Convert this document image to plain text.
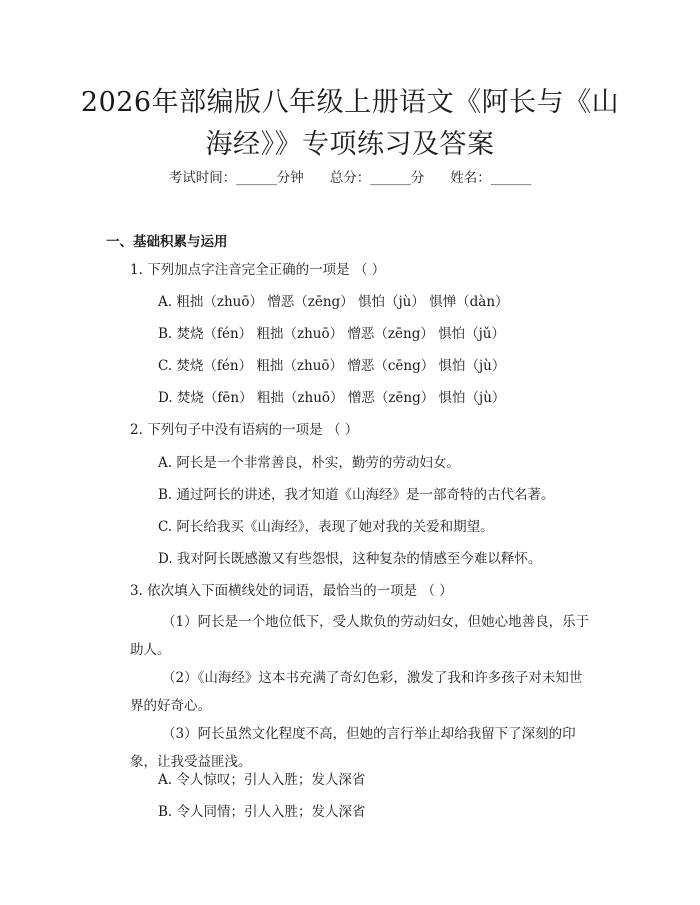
2026年部编版八年级上册语文《阿长与《山海经》》专项练习及答案
考试时间：______分钟 总分：______分 姓名：______
一、基础积累与运用
1. 下列加点字注音完全正确的一项是 （ ）
A. 粗拙（zhuō） 憎恶（zēng） 惧怕（jù） 惧惮（dàn）
B. 焚烧（fén） 粗拙（zhuō） 憎恶（zēng） 惧怕（jǔ）
C. 焚烧（fén） 粗拙（zhuō） 憎恶（cēng） 惧怕（jù）
D. 焚烧（fēn） 粗拙（zhuō） 憎恶（zēng） 惧怕（jù）
2. 下列句子中没有语病的一项是 （ ）
A. 阿长是一个非常善良，朴实，勤劳的劳动妇女。
B. 通过阿长的讲述，我才知道《山海经》是一部奇特的古代名著。
C. 阿长给我买《山海经》，表现了她对我的关爱和期望。
D. 我对阿长既感激又有些怨恨，这种复杂的情感至今难以释怀。
3. 依次填入下面横线处的词语，最恰当的一项是 （ ）
（1）阿长是一个地位低下，受人欺负的劳动妇女，但她心地善良，乐于助人。
（2）《山海经》这本书充满了奇幻色彩，激发了我和许多孩子对未知世界的好奇心。
（3）阿长虽然文化程度不高，但她的言行举止却给我留下了深刻的印象，让我受益匪浅。
A. 令人惊叹；引人入胜；发人深省
B. 令人同情；引人入胜；发人深省
